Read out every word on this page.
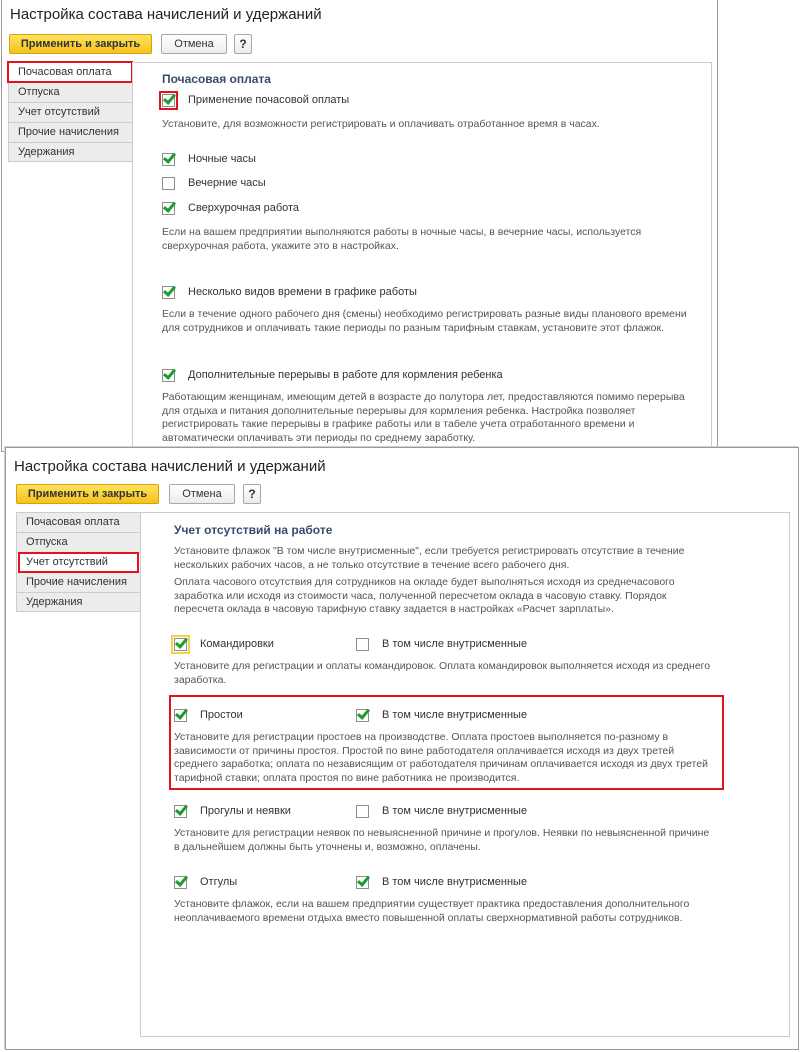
Настройка состава начислений и удержаний
Применить и закрыть	Отмена	?
Почасовая оплата
Отпуска
Учет отсутствий
Прочие начисления
Удержания
Почасовая оплата
Применение почасовой оплаты
Установите, для возможности регистрировать и оплачивать отработанное время в часах.
Ночные часы
Вечерние часы
Сверхурочная работа
Если на вашем предприятии выполняются работы в ночные часы, в вечерние часы, используется сверхурочная работа, укажите это в настройках.
Несколько видов времени в графике работы
Если в течение одного рабочего дня (смены) необходимо регистрировать разные виды планового времени для сотрудников и оплачивать такие периоды по разным тарифным ставкам, установите этот флажок.
Дополнительные перерывы в работе для кормления ребенка
Работающим женщинам, имеющим детей в возрасте до полутора лет, предоставляются помимо перерыва для отдыха и питания дополнительные перерывы для кормления ребенка. Настройка позволяет регистрировать такие перерывы в графике работы или в табеле учета отработанного времени и автоматически оплачивать эти периоды по среднему заработку.
Настройка состава начислений и удержаний
Применить и закрыть	Отмена	?
Почасовая оплата
Отпуска
Учет отсутствий
Прочие начисления
Удержания
Учет отсутствий на работе
Установите флажок "В том числе внутрисменные", если требуется регистрировать отсутствие в течение нескольких рабочих часов, а не только отсутствие в течение всего рабочего дня.
Оплата часового отсутствия для сотрудников на окладе будет выполняться исходя из среднечасового заработка или исходя из стоимости часа, полученной пересчетом оклада в часовую ставку. Порядок пересчета оклада в часовую тарифную ставку задается в настройках «Расчет зарплаты».
Командировки	В том числе внутрисменные
Установите для регистрации и оплаты командировок. Оплата командировок выполняется исходя из среднего заработка.
Простои	В том числе внутрисменные
Установите для регистрации простоев на производстве. Оплата простоев выполняется по-разному в зависимости от причины простоя. Простой по вине работодателя оплачивается исходя из двух третей среднего заработка; оплата по независящим от работодателя причинам оплачивается исходя из двух третей тарифной ставки; оплата простоя по вине работника не производится.
Прогулы и неявки	В том числе внутрисменные
Установите для регистрации неявок по невыясненной причине и прогулов. Неявки по невыясненной причине в дальнейшем должны быть уточнены и, возможно, оплачены.
Отгулы	В том числе внутрисменные
Установите флажок, если на вашем предприятии существует практика предоставления дополнительного неоплачиваемого времени отдыха вместо повышенной оплаты сверхнормативной работы сотрудников.
